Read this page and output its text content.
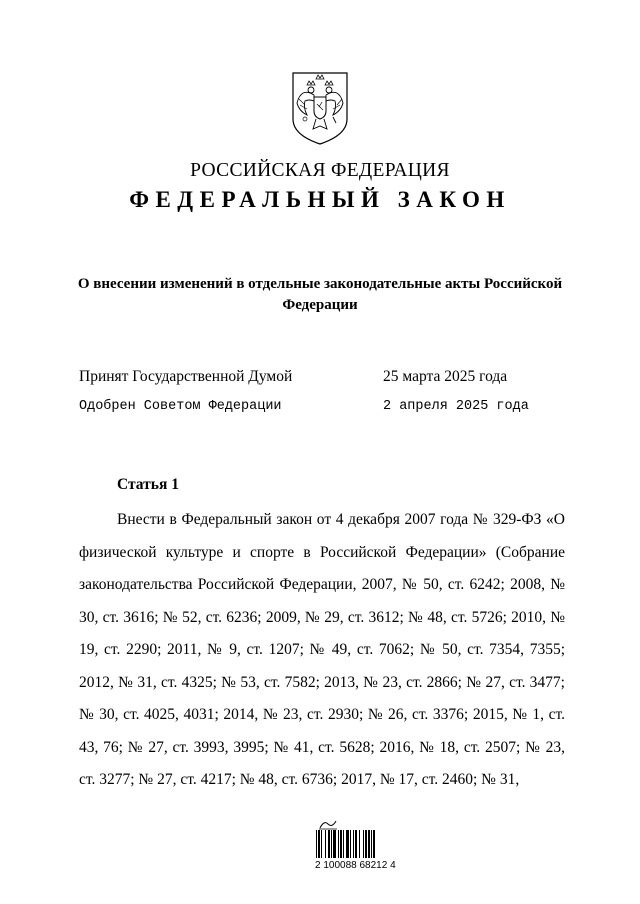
РОССИЙСКАЯ ФЕДЕРАЦИЯ
ФЕДЕРАЛЬНЫЙ ЗАКОН
О внесении изменений в отдельные законодательные акты Российской Федерации
Принят Государственной Думой	25 марта 2025 года
Одобрен Советом Федерации	2 апреля 2025 года
Статья 1
Внести в Федеральный закон от 4 декабря 2007 года № 329-ФЗ «О физической культуре и спорте в Российской Федерации» (Собрание законодательства Российской Федерации, 2007, № 50, ст. 6242; 2008, № 30, ст. 3616; № 52, ст. 6236; 2009, № 29, ст. 3612; № 48, ст. 5726; 2010, № 19, ст. 2290; 2011, № 9, ст. 1207; № 49, ст. 7062; № 50, ст. 7354, 7355; 2012, № 31, ст. 4325; № 53, ст. 7582; 2013, № 23, ст. 2866; № 27, ст. 3477; № 30, ст. 4025, 4031; 2014, № 23, ст. 2930; № 26, ст. 3376; 2015, № 1, ст. 43, 76; № 27, ст. 3993, 3995; № 41, ст. 5628; 2016, № 18, ст. 2507; № 23, ст. 3277; № 27, ст. 4217; № 48, ст. 6736; 2017, № 17, ст. 2460; № 31,
2 100088 68212 4
